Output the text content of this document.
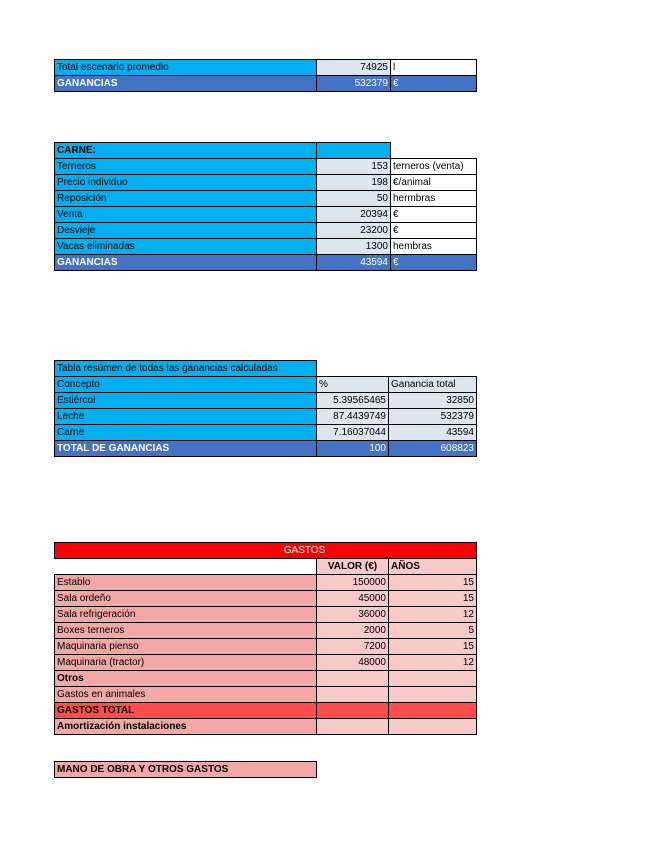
Total escenario promedio	74925	l
GANANCIAS	532379	€
CARNE:		
Terneros	153	terneros (venta)
Precio individuo	198	€/animal
Reposición	50	hermbras
Venta	20394	€
Desvieje	23200	€
Vacas eliminadas	1300	hembras
GANANCIAS	43594	€
Tabla resúmen de todas las ganancias calculadas		
Concepto	%	Ganancia total
Estiércol	5.39565465	32850
Leche	87.4439749	532379
Carne	7.16037044	43594
TOTAL DE GANANCIAS	100	608823
GASTOS		
	VALOR (€)	AÑOS
Establo	150000	15
Sala ordeño	45000	15
Sala refrigeración	36000	12
Boxes terneros	2000	5
Maquinaria pienso	7200	15
Maquinaria (tractor)	48000	12
Otros		
Gastos en animales		
GASTOS TOTAL		
Amortización instalaciones		
MANO DE OBRA Y OTROS GASTOS
